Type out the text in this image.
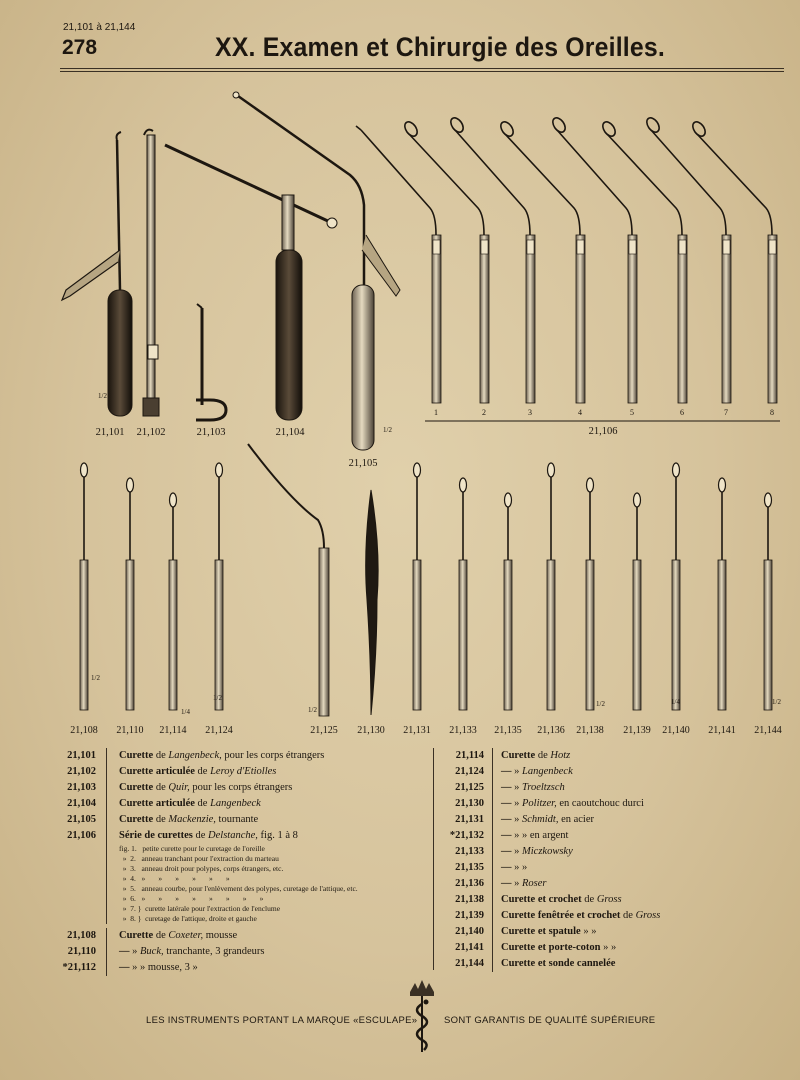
21,101 à 21,144
278	XX. Examen et Chirurgie des Oreilles.
21,101 21,102	21,103	21,104
21,105
1	2	3	4	5	6	7	8
21,106
21,108 21,110 21,114 21,124	21,125 21,130 21,131 21,133 21,135 21,136 21,138 21,139 21,140 21,141 21,144
1/2
1/2
1/2
1/2
1/2
1/2	1/2
1/4
1/4
21,101	Curette de Langenbeck, pour les corps étrangers
21,102	Curette articulée de Leroy d'Etiolles
21,103	Curette de Quir, pour les corps étrangers
21,104	Curette articulée de Langenbeck
21,105	Curette de Mackenzie, tournante
21,106	Série de curettes de Delstanche, fig. 1 à 8
fig. 1.   petite curette pour le curetage de l'oreille
»  2.   anneau tranchant pour l'extraction du marteau
»  3.   anneau droit pour polypes, corps étrangers, etc.
»  4.   »       »       »       »       »       »
»  5.   anneau courbe, pour l'enlèvement des polypes, curetage de l'attique, etc.
»  6.   »       »       »       »       »       »       »       »
»  7. }  curette latérale pour l'extraction de l'enclume
»  8. }  curetage de l'attique, droite et gauche
21,108	Curette de Coxeter, mousse
21,110	— » Buck, tranchante, 3 grandeurs
*21,112	— » » mousse, 3 »
21,114	Curette de Hotz
21,124	— » Langenbeck
21,125	— » Troeltzsch
21,130	— » Politzer, en caoutchouc durci
21,131	— » Schmidt, en acier
*21,132	— » » en argent
21,133	— » Miczkowsky
21,135	— » »
21,136	— » Roser
21,138	Curette et crochet de Gross
21,139	Curette fenêtrée et crochet de Gross
21,140	Curette et spatule » »
21,141	Curette et porte-coton » »
21,144	Curette et sonde cannelée
LES INSTRUMENTS PORTANT LA MARQUE «ESCULAPE»	SONT GARANTIS DE QUALITÉ SUPÉRIEURE
